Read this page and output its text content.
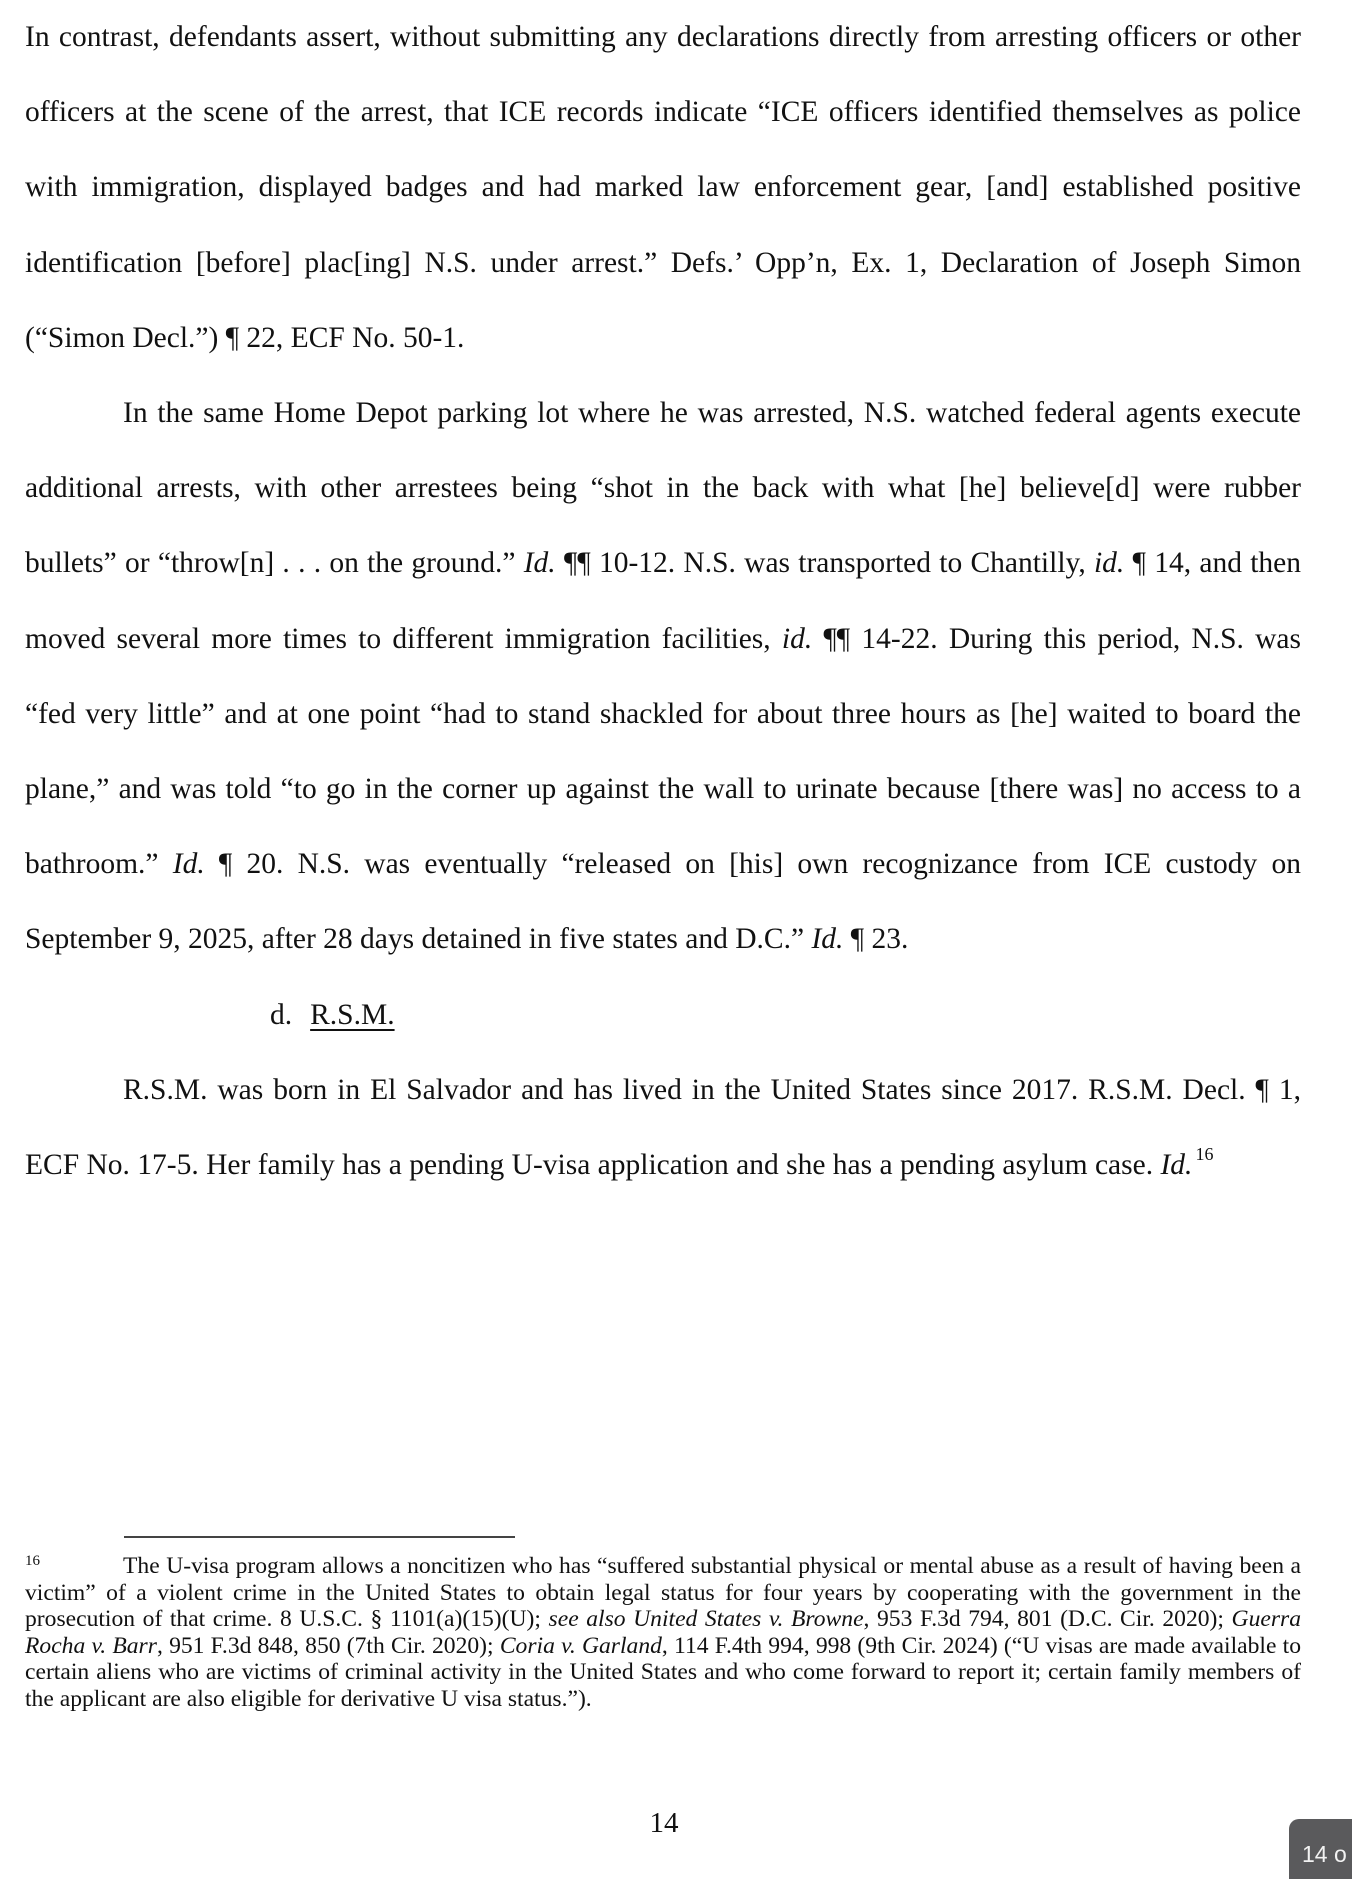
In contrast, defendants assert, without submitting any declarations directly from arresting officers or other officers at the scene of the arrest, that ICE records indicate “ICE officers identified themselves as police with immigration, displayed badges and had marked law enforcement gear, [and] established positive identification [before] plac[ing] N.S. under arrest.” Defs.’ Opp’n, Ex. 1, Declaration of Joseph Simon (“Simon Decl.”) ¶ 22, ECF No. 50-1.

In the same Home Depot parking lot where he was arrested, N.S. watched federal agents execute additional arrests, with other arrestees being “shot in the back with what [he] believe[d] were rubber bullets” or “throw[n] . . . on the ground.” Id. ¶¶ 10-12. N.S. was transported to Chantilly, id. ¶ 14, and then moved several more times to different immigration facilities, id. ¶¶ 14-22. During this period, N.S. was “fed very little” and at one point “had to stand shackled for about three hours as [he] waited to board the plane,” and was told “to go in the corner up against the wall to urinate because [there was] no access to a bathroom.” Id. ¶ 20. N.S. was eventually “released on [his] own recognizance from ICE custody on September 9, 2025, after 28 days detained in five states and D.C.” Id. ¶ 23.

d. R.S.M.

R.S.M. was born in El Salvador and has lived in the United States since 2017. R.S.M. Decl. ¶ 1, ECF No. 17-5. Her family has a pending U-visa application and she has a pending asylum case. Id. $^{16}$

16	The U-visa program allows a noncitizen who has “suffered substantial physical or mental abuse as a result of having been a victim” of a violent crime in the United States to obtain legal status for four years by cooperating with the government in the prosecution of that crime. 8 U.S.C. § 1101(a)(15)(U); see also United States v. Browne, 953 F.3d 794, 801 (D.C. Cir. 2020); Guerra Rocha v. Barr, 951 F.3d 848, 850 (7th Cir. 2020); Coria v. Garland, 114 F.4th 994, 998 (9th Cir. 2024) (“U visas are made available to certain aliens who are victims of criminal activity in the United States and who come forward to report it; certain family members of the applicant are also eligible for derivative U visa status.”).

14
14 o
